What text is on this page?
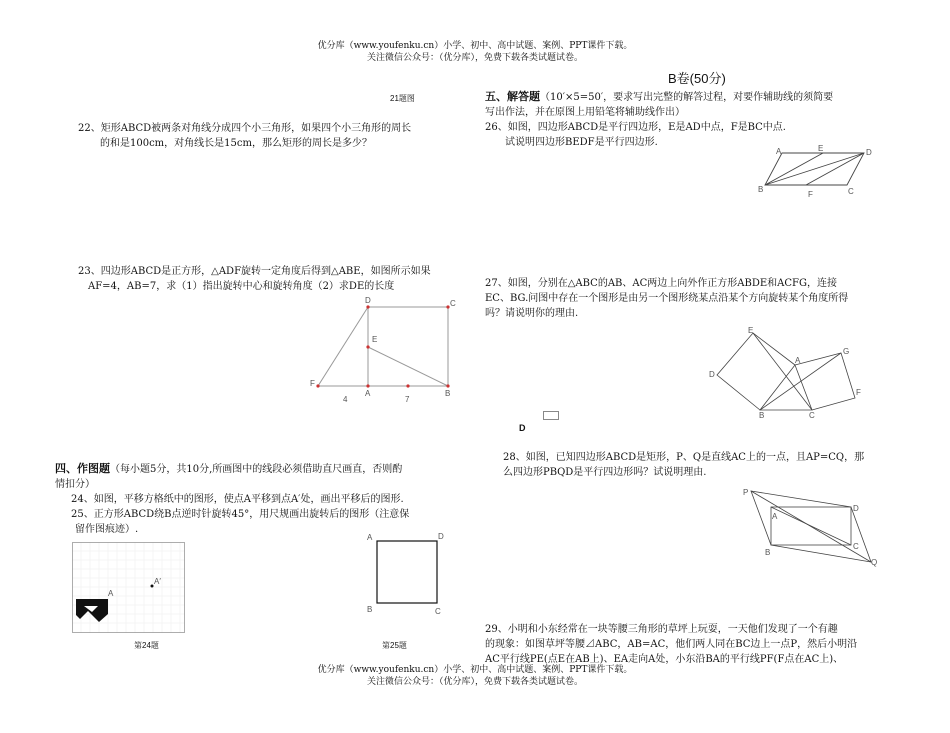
优分库（www.youfenku.cn）小学、初中、高中试题、案例、PPT课件下载。
关注微信公众号：（优分库），免费下载各类试题试卷。
21题图
22、矩形ABCD被两条对角线分成四个小三角形，如果四个小三角形的周长
的和是100cm，对角线长是15cm，那么矩形的周长是多少？
23、四边形ABCD是正方形，△ADF旋转一定角度后得到△ABE，如图所示如果
AF=4，AB=7，求（1）指出旋转中心和旋转角度（2）求DE的长度
D	C
E
F
A	B
4	7
四、作图题（每小题5分，共10分,所画图中的线段必须借助直尺画直，否则酌
情扣分）
24、如图，平移方格纸中的图形，使点A平移到点A′处，画出平移后的图形.
25、正方形ABCD绕B点逆时针旋转45°，用尺规画出旋转后的图形（注意保
留作图痕迹）.
A
A′
第24题
A	D
B	C
第25题
B卷(50分)
五、解答题（10′×5=50′，要求写出完整的解答过程，对要作辅助线的须简要
写出作法，并在原图上用铅笔将辅助线作出）
26、如图，四边形ABCD是平行四边形，E是AD中点，F是BC中点.
试说明四边形BEDF是平行四边形.
A	E	D
B
F	C
27、如图，分别在△ABC的AB、AC两边上向外作正方形ABDE和ACFG，连接
EC、BG.问图中存在一个图形是由另一个图形绕某点沿某个方向旋转某个角度所得
吗？请说明你的理由.
E
A
G
D
F
B	C
D
28、如图，已知四边形ABCD是矩形，P、Q是直线AC上的一点，且AP=CQ，那
么四边形PBQD是平行四边形吗？试说明理由.
P
A
D
B
C
Q
29、小明和小东经常在一块等腰三角形的草坪上玩耍，一天他们发现了一个有趣
的现象：如图草坪等腰⊿ABC，AB=AC，他们两人同在BC边上一点P，然后小明沿
AC平行线PE(点E在AB上)、EA走向A处，小东沿BA的平行线PF(F点在AC上)、
优分库（www.youfenku.cn）小学、初中、高中试题、案例、PPT课件下载。
关注微信公众号：（优分库），免费下载各类试题试卷。
